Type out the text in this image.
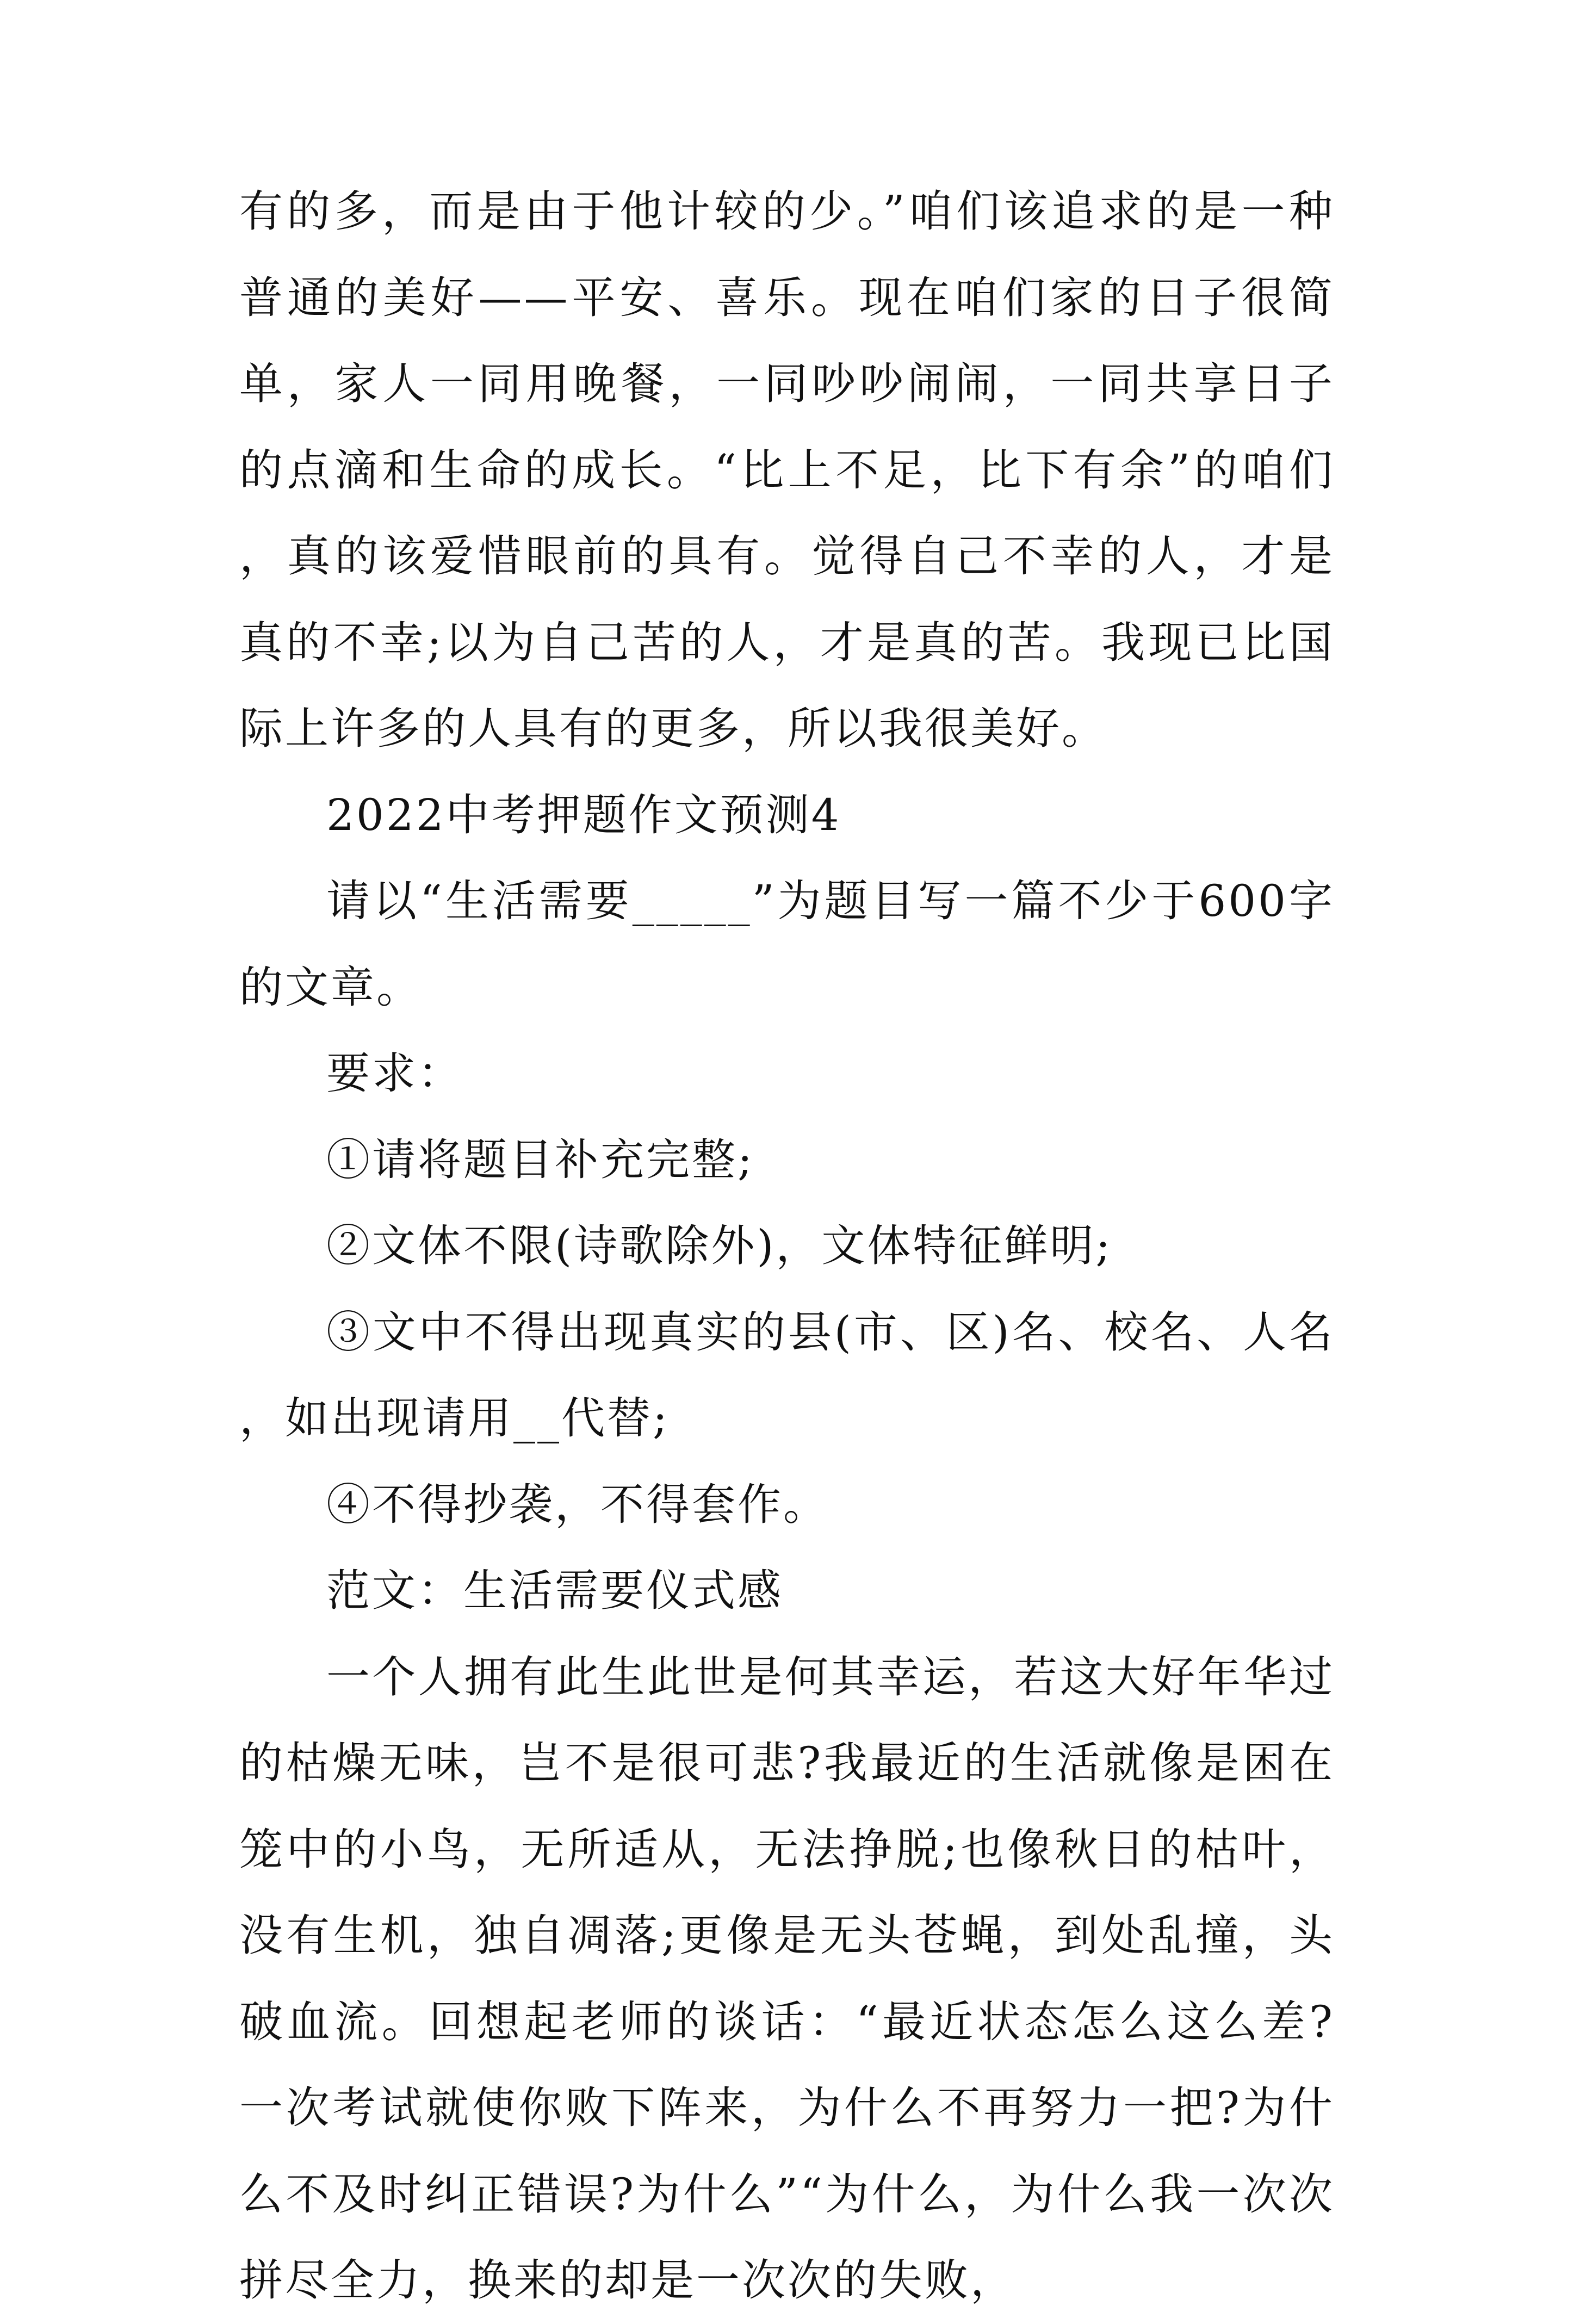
有的多，而是由于他计较的少。”咱们该追求的是一种普通的美好——平安、喜乐。现在咱们家的日子很简单，家人一同用晚餐，一同吵吵闹闹，一同共享日子的点滴和生命的成长。“比上不足，比下有余”的咱们，真的该爱惜眼前的具有。觉得自己不幸的人，才是真的不幸;以为自己苦的人，才是真的苦。我现已比国际上许多的人具有的更多，所以我很美好。

2022中考押题作文预测4

请以“生活需要_____”为题目写一篇不少于600字的文章。

要求：

①请将题目补充完整;

②文体不限(诗歌除外)，文体特征鲜明;

③文中不得出现真实的县(市、区)名、校名、人名，如出现请用__代替;

④不得抄袭，不得套作。

范文：生活需要仪式感

一个人拥有此生此世是何其幸运，若这大好年华过的枯燥无味，岂不是很可悲?我最近的生活就像是困在笼中的小鸟，无所适从，无法挣脱;也像秋日的枯叶，没有生机，独自凋落;更像是无头苍蝇，到处乱撞，头破血流。回想起老师的谈话：“最近状态怎么这么差?一次考试就使你败下阵来，为什么不再努力一把?为什么不及时纠正错误?为什么”“为什么，为什么我一次次拼尽全力，换来的却是一次次的失败，
